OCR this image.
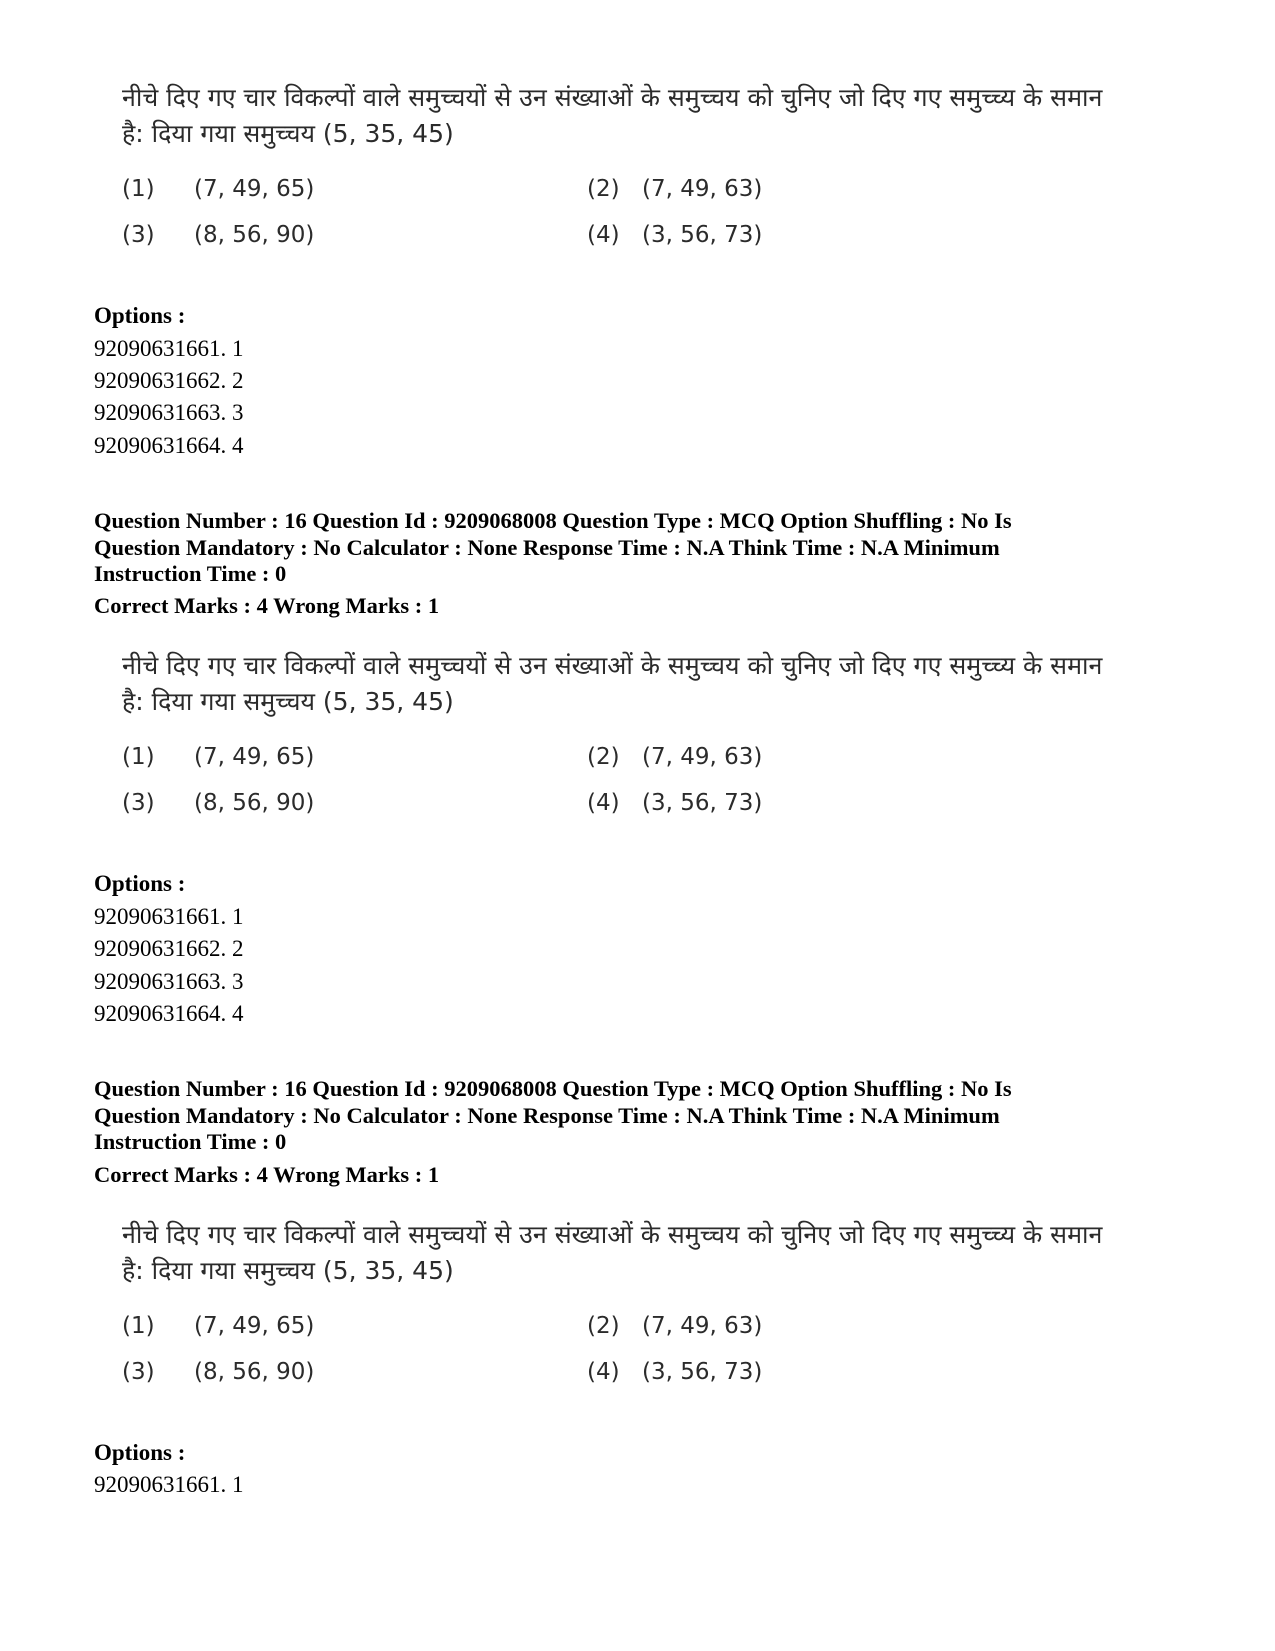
नीचे दिए गए चार विकल्पों वाले समुच्चयों से उन संख्याओं के समुच्चय को चुनिए जो दिए गए समुच्च्य के समान है: दिया गया समुच्चय (5, 35, 45)

(1)	(7, 49, 65)	(2) (7, 49, 63)
(3)	(8, 56, 90)	(4) (3, 56, 73)
Options :
92090631661. 1
92090631662. 2
92090631663. 3
92090631664. 4
Question Number : 16 Question Id : 9209068008 Question Type : MCQ Option Shuffling : No Is Question Mandatory : No Calculator : None Response Time : N.A Think Time : N.A Minimum Instruction Time : 0
Correct Marks : 4 Wrong Marks : 1

नीचे दिए गए चार विकल्पों वाले समुच्चयों से उन संख्याओं के समुच्चय को चुनिए जो दिए गए समुच्च्य के समान है: दिया गया समुच्चय (5, 35, 45)

(1)	(7, 49, 65)	(2) (7, 49, 63)
(3)	(8, 56, 90)	(4) (3, 56, 73)
Options :
92090631661. 1
92090631662. 2
92090631663. 3
92090631664. 4
Question Number : 16 Question Id : 9209068008 Question Type : MCQ Option Shuffling : No Is Question Mandatory : No Calculator : None Response Time : N.A Think Time : N.A Minimum Instruction Time : 0
Correct Marks : 4 Wrong Marks : 1

नीचे दिए गए चार विकल्पों वाले समुच्चयों से उन संख्याओं के समुच्चय को चुनिए जो दिए गए समुच्च्य के समान है: दिया गया समुच्चय (5, 35, 45)

(1)	(7, 49, 65)	(2) (7, 49, 63)
(3)	(8, 56, 90)	(4) (3, 56, 73)
Options :
92090631661. 1
